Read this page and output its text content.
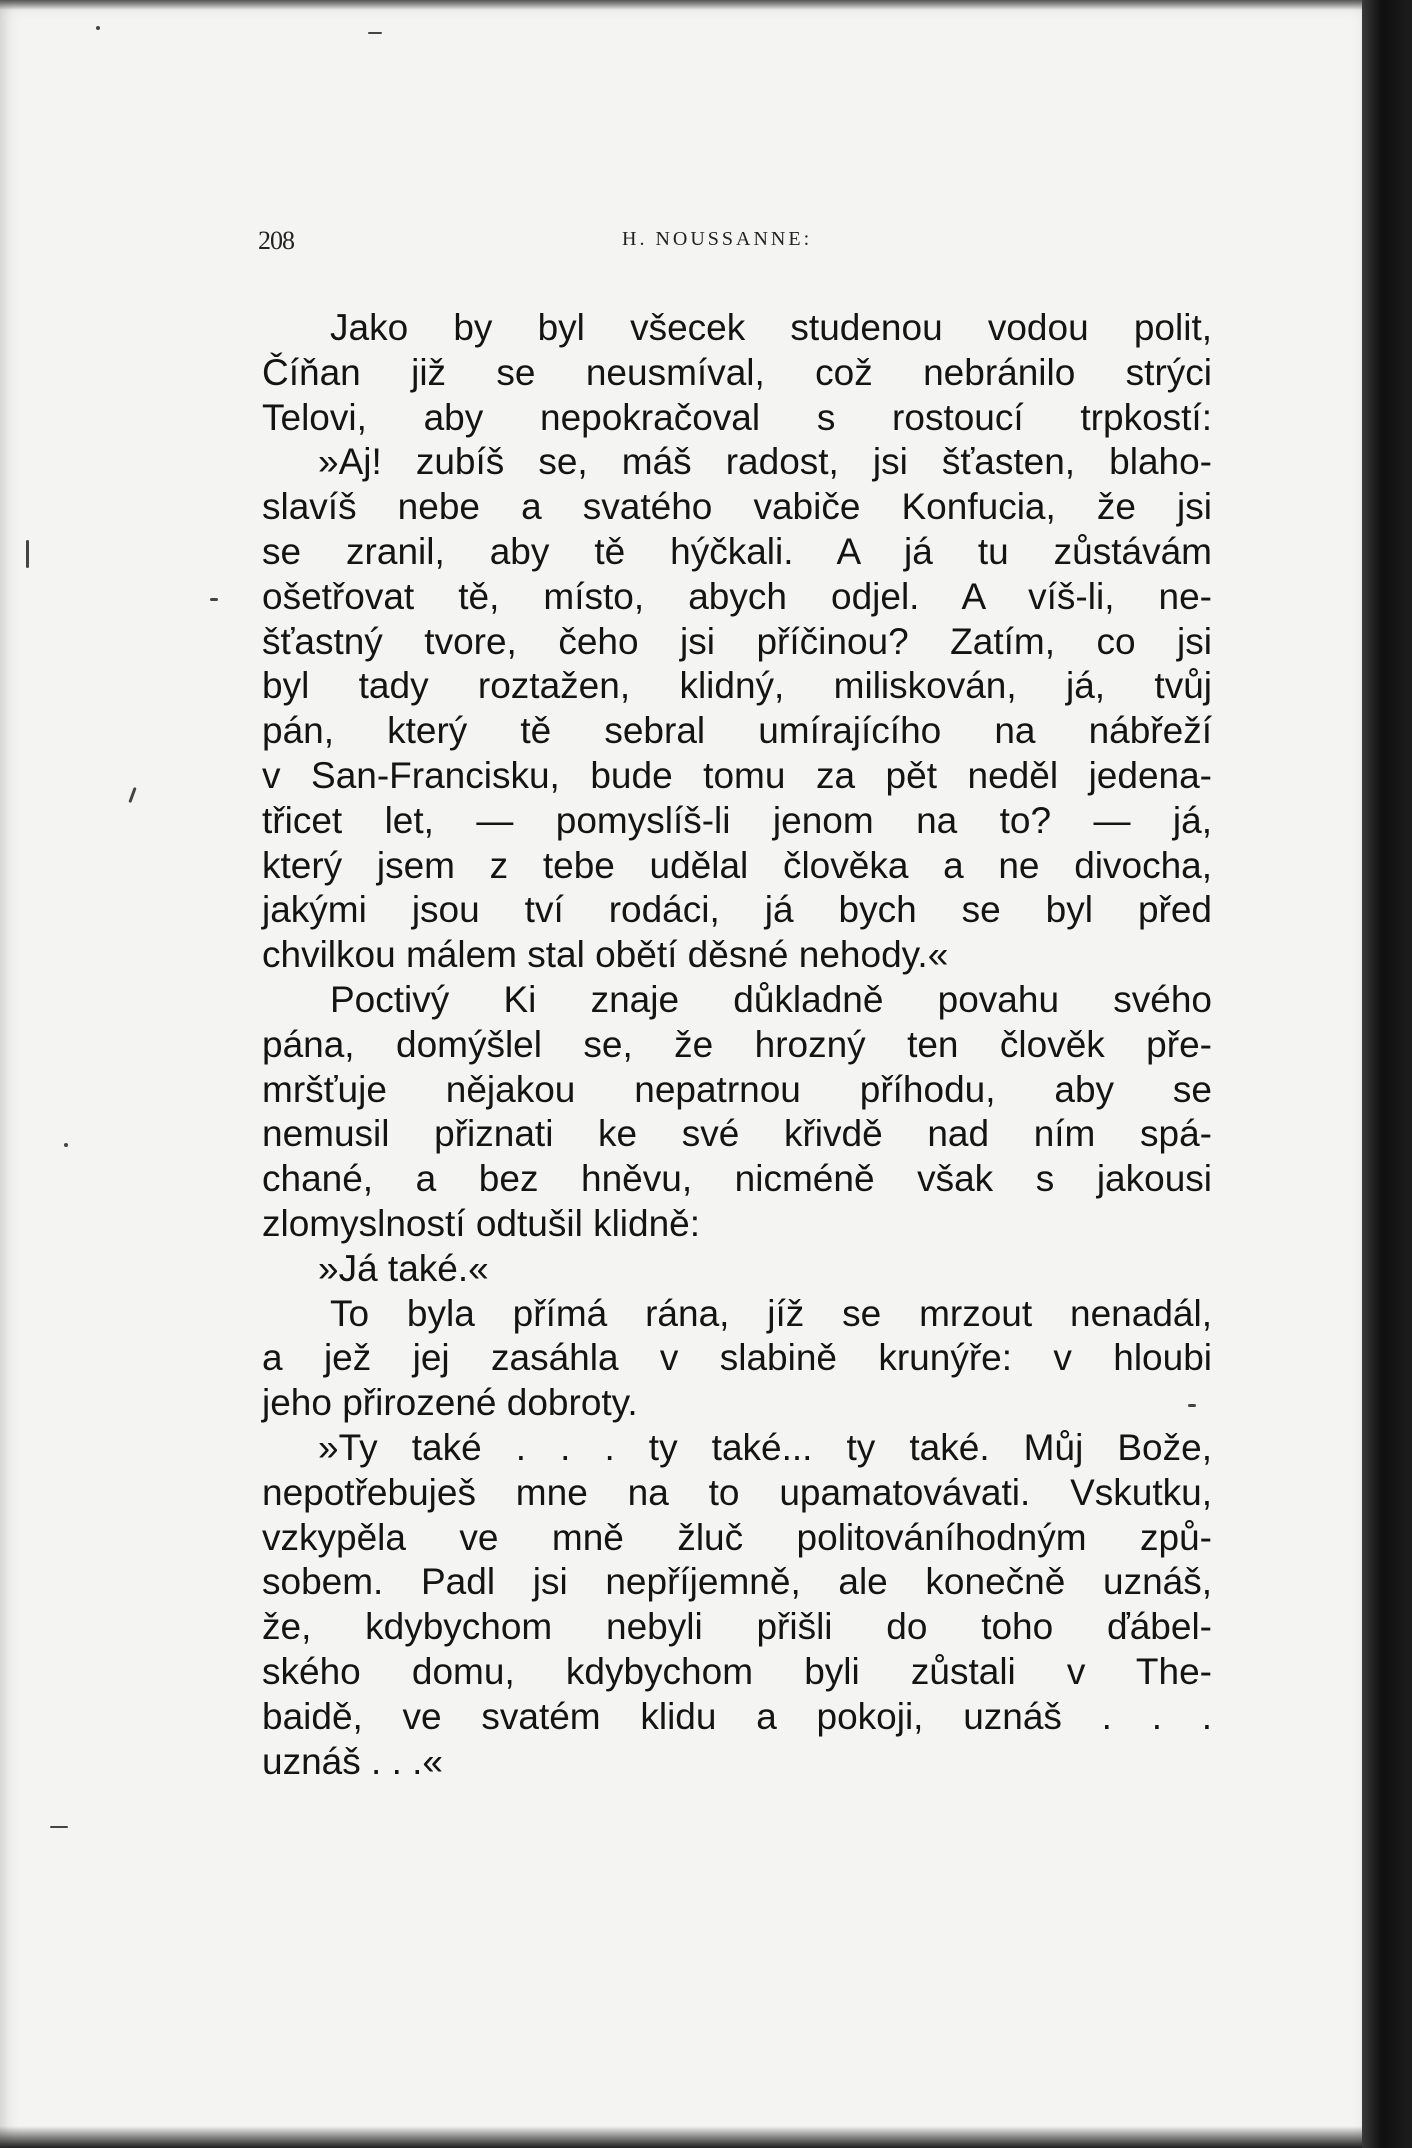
208	H. NOUSSANNE:
Jako by byl všecek studenou vodou polit,
Číňan již se neusmíval, což nebránilo strýci
Telovi, aby nepokračoval s rostoucí trpkostí:
»Aj! zubíš se, máš radost, jsi šťasten, blaho-
slavíš nebe a svatého vabiče Konfucia, že jsi
se zranil, aby tě hýčkali. A já tu zůstávám
ošetřovat tě, místo, abych odjel. A víš-li, ne-
šťastný tvore, čeho jsi příčinou? Zatím, co jsi
byl tady roztažen, klidný, miliskován, já, tvůj
pán, který tě sebral umírajícího na nábřeží
v San-Francisku, bude tomu za pět neděl jedena-
třicet let, — pomyslíš-li jenom na to? — já,
který jsem z tebe udělal člověka a ne divocha,
jakými jsou tví rodáci, já bych se byl před
chvilkou málem stal obětí děsné nehody.«
Poctivý Ki znaje důkladně povahu svého
pána, domýšlel se, že hrozný ten člověk pře-
mršťuje nějakou nepatrnou příhodu, aby se
nemusil přiznati ke své křivdě nad ním spá-
chané, a bez hněvu, nicméně však s jakousi
zlomyslností odtušil klidně:
»Já také.«
To byla přímá rána, jíž se mrzout nenadál,
a jež jej zasáhla v slabině krunýře: v hloubi
jeho přirozené dobroty.
»Ty také . . . ty také... ty také. Můj Bože,
nepotřebuješ mne na to upamatovávati. Vskutku,
vzkypěla ve mně žluč politováníhodným způ-
sobem. Padl jsi nepříjemně, ale konečně uznáš,
že, kdybychom nebyli přišli do toho ďábel-
ského domu, kdybychom byli zůstali v The-
baidě, ve svatém klidu a pokoji, uznáš . . .
uznáš . . .«
